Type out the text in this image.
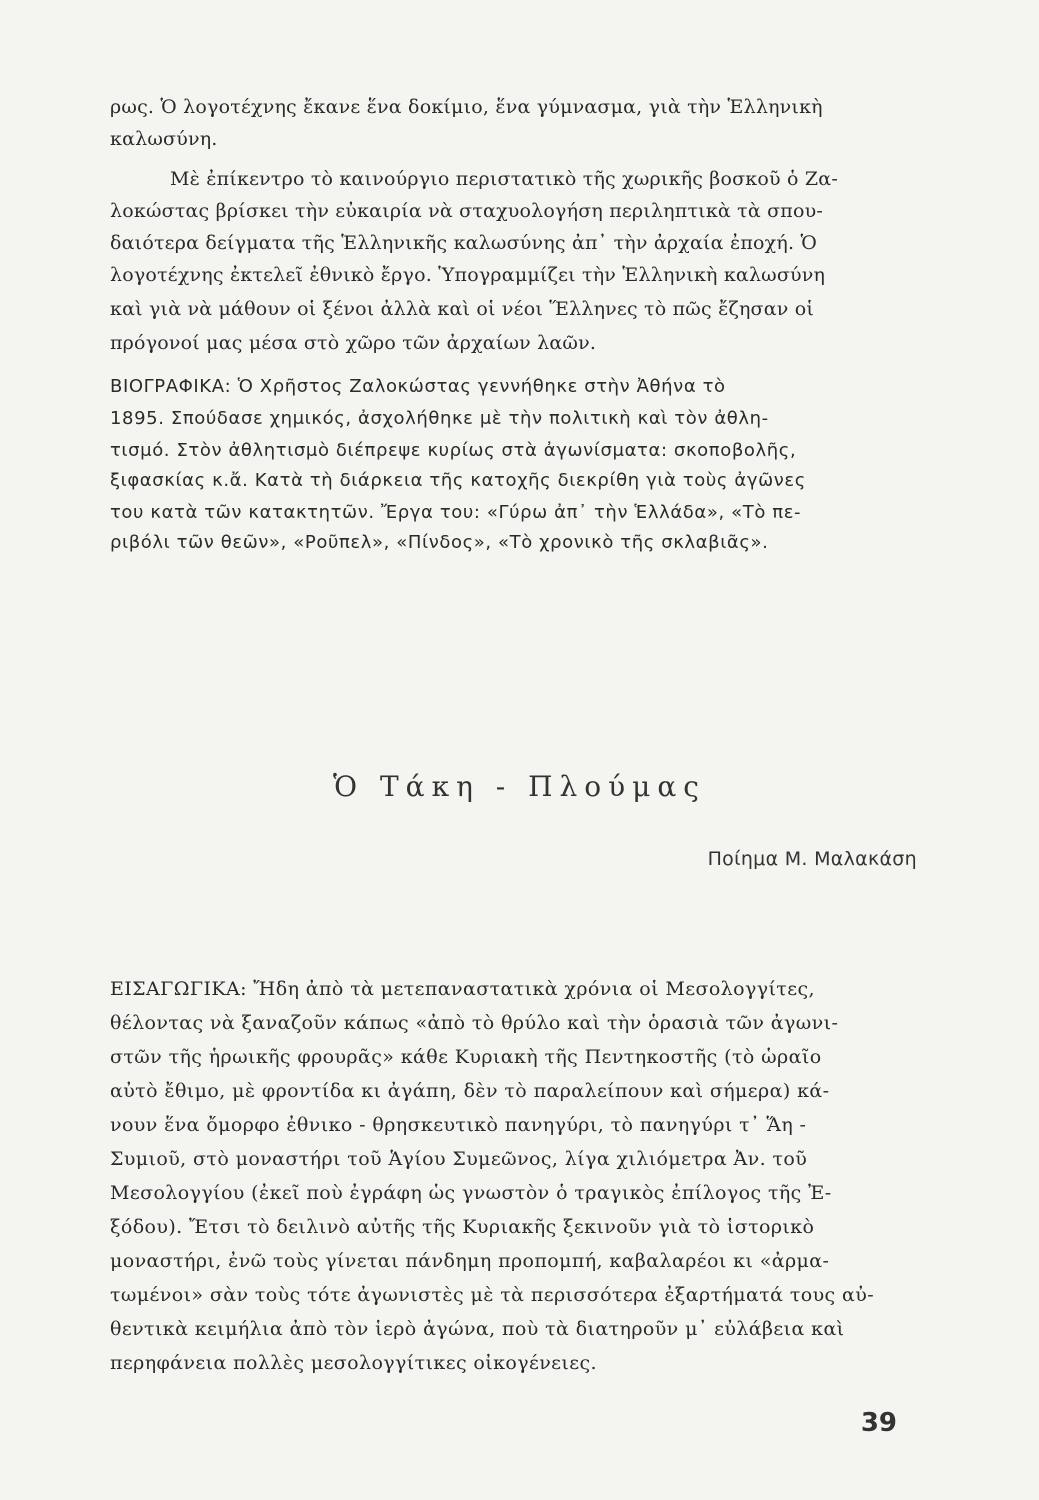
ρως. Ὁ λογοτέχνης ἔκανε ἕνα δοκίμιο, ἕνα γύμνασμα, γιὰ τὴν Ἑλληνικὴ
καλωσύνη.
Μὲ ἐπίκεντρο τὸ καινούργιο περιστατικὸ τῆς χωρικῆς βοσκοῦ ὁ Ζα-
λοκώστας βρίσκει τὴν εὐκαιρία νὰ σταχυολογήση περιληπτικὰ τὰ σπου-
δαιότερα δείγματα τῆς Ἑλληνικῆς καλωσύνης ἀπ᾽ τὴν ἀρχαία ἐποχή. Ὁ
λογοτέχνης ἐκτελεῖ ἐθνικὸ ἔργο. Ὑπογραμμίζει τὴν Ἑλληνικὴ καλωσύνη
καὶ γιὰ νὰ μάθουν οἱ ξένοι ἀλλὰ καὶ οἱ νέοι Ἕλληνες τὸ πῶς ἔζησαν οἱ
πρόγονοί μας μέσα στὸ χῶρο τῶν ἀρχαίων λαῶν.
ΒΙΟΓΡΑΦΙΚΑ: Ὁ Χρῆστος Ζαλοκώστας γεννήθηκε στὴν Ἀθήνα τὸ
1895. Σπούδασε χημικός, ἀσχολήθηκε μὲ τὴν πολιτικὴ καὶ τὸν ἀθλη-
τισμό. Στὸν ἀθλητισμὸ διέπρεψε κυρίως στὰ ἀγωνίσματα: σκοποβολῆς,
ξιφασκίας κ.ἄ. Κατὰ τὴ διάρκεια τῆς κατοχῆς διεκρίθη γιὰ τοὺς ἀγῶνες
του κατὰ τῶν κατακτητῶν. Ἔργα του: «Γύρω ἀπ᾽ τὴν Ἑλλάδα», «Τὸ πε-
ριβόλι τῶν θεῶν», «Ροῦπελ», «Πίνδος», «Τὸ χρονικὸ τῆς σκλαβιᾶς».
Ὁ Τάκη - Πλούμας
Ποίημα Μ. Μαλακάση
ΕΙΣΑΓΩΓΙΚΑ: Ἤδη ἀπὸ τὰ μετεπαναστατικὰ χρόνια οἱ Μεσολογγίτες,
θέλοντας νὰ ξαναζοῦν κάπως «ἀπὸ τὸ θρύλο καὶ τὴν ὁρασιὰ τῶν ἀγωνι-
στῶν τῆς ἡρωικῆς φρουρᾶς» κάθε Κυριακὴ τῆς Πεντηκοστῆς (τὸ ὡραῖο
αὐτὸ ἔθιμο, μὲ φροντίδα κι ἀγάπη, δὲν τὸ παραλείπουν καὶ σήμερα) κά-
νουν ἕνα ὄμορφο ἐθνικο - θρησκευτικὸ πανηγύρι, τὸ πανηγύρι τ᾽ Ἅη -
Συμιοῦ, στὸ μοναστήρι τοῦ Ἁγίου Συμεῶνος, λίγα χιλιόμετρα Ἀν. τοῦ
Μεσολογγίου (ἐκεῖ ποὺ ἐγράφη ὡς γνωστὸν ὁ τραγικὸς ἐπίλογος τῆς Ἐ-
ξόδου). Ἔτσι τὸ δειλινὸ αὐτῆς τῆς Κυριακῆς ξεκινοῦν γιὰ τὸ ἱστορικὸ
μοναστήρι, ἐνῶ τοὺς γίνεται πάνδημη προπομπή, καβαλαρέοι κι «ἀρμα-
τωμένοι» σὰν τοὺς τότε ἀγωνιστὲς μὲ τὰ περισσότερα ἐξαρτήματά τους αὐ-
θεντικὰ κειμήλια ἀπὸ τὸν ἱερὸ ἀγώνα, ποὺ τὰ διατηροῦν μ᾽ εὐλάβεια καὶ
περηφάνεια πολλὲς μεσολογγίτικες οἰκογένειες.
39
